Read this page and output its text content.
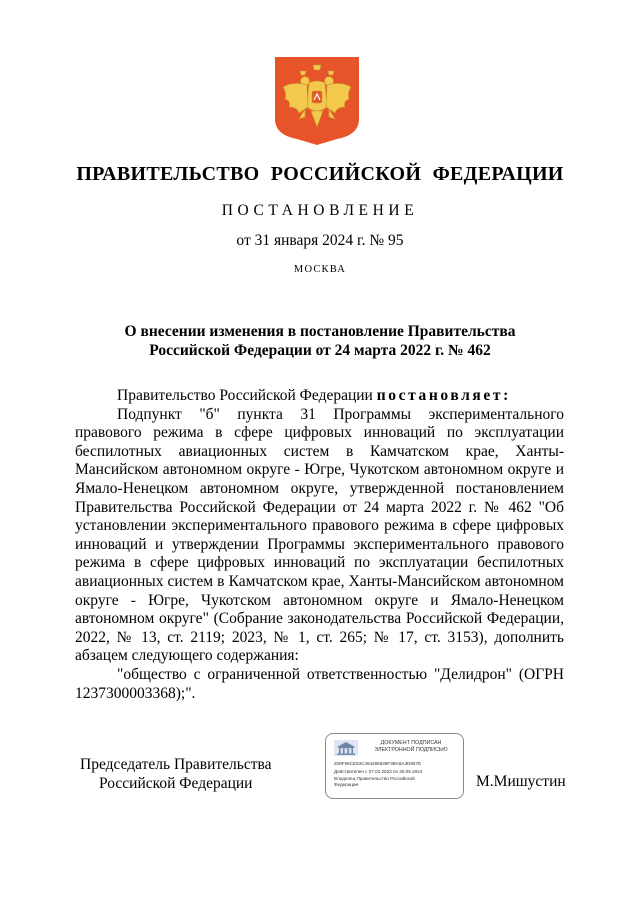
ПРАВИТЕЛЬСТВО РОССИЙСКОЙ ФЕДЕРАЦИИ
ПОСТАНОВЛЕНИЕ
от 31 января 2024 г. № 95
МОСКВА
О внесении изменения в постановление Правительства
Российской Федерации от 24 марта 2022 г. № 462

Правительство Российской Федерации постановляет:

Подпункт "б" пункта 31 Программы экспериментального правового режима в сфере цифровых инноваций по эксплуатации беспилотных авиационных систем в Камчатском крае, Ханты-Мансийском автономном округе - Югре, Чукотском автономном округе и Ямало-Ненецком автономном округе, утвержденной постановлением Правительства Российской Федерации от 24 марта 2022 г. № 462 "Об установлении экспериментального правового режима в сфере цифровых инноваций и утверждении Программы экспериментального правового режима в сфере цифровых инноваций по эксплуатации беспилотных авиационных систем в Камчатском крае, Ханты-Мансийском автономном округе - Югре, Чукотском автономном округе и Ямало-Ненецком автономном округе" (Собрание законодательства Российской Федерации, 2022, № 13, ст. 2119; 2023, № 1, ст. 265; № 17, ст. 3153), дополнить абзацем следующего содержания:

"общество с ограниченной ответственностью "Делидрон" (ОГРН 1237300003368);".

Председатель Правительства
Российской Федерации
ДОКУМЕНТ ПОДПИСАН
ЭЛЕКТРОННОЙ ПОДПИСЬЮ
208F99CE53C464266636F3BA8A3D867E
Действителен с 07.03.2023 по 30.05.2024
Владелец Правительство Российской
Федерации	М.Мишустин
